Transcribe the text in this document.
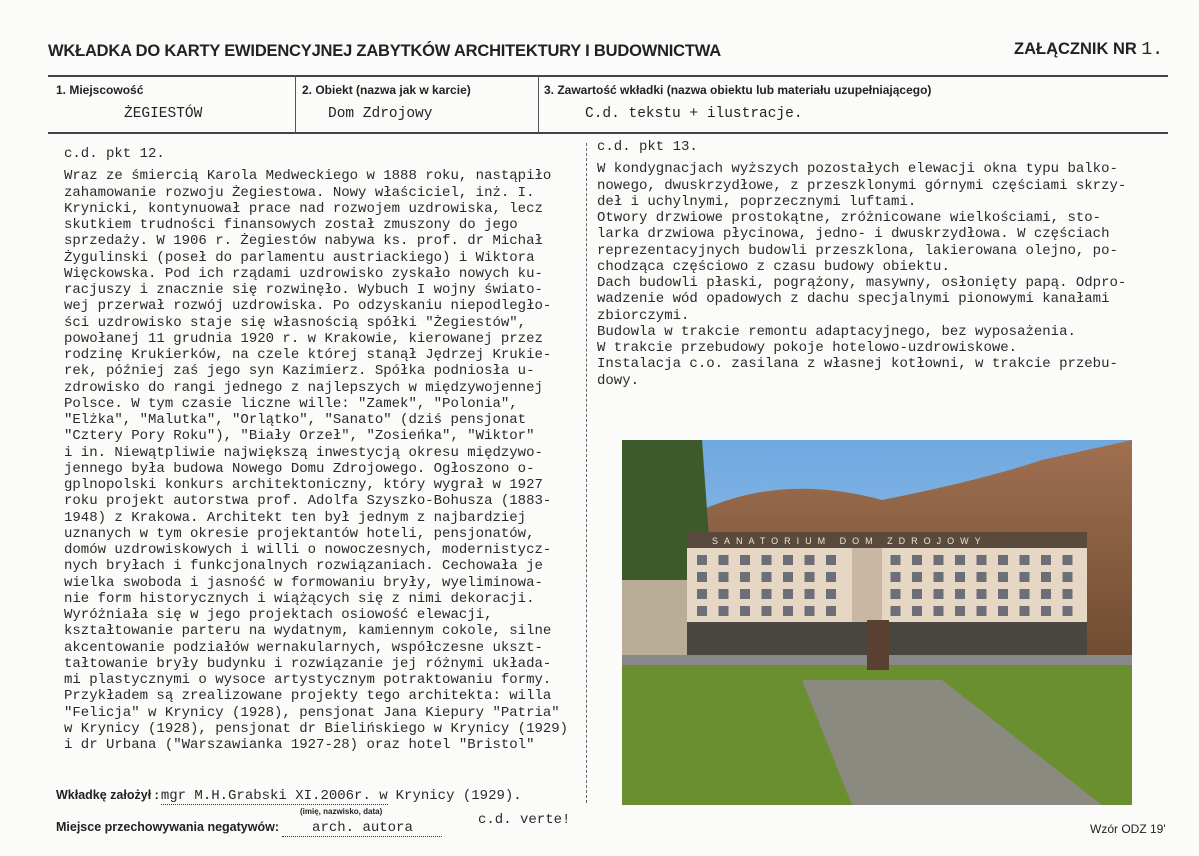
WKŁADKA DO KARTY EWIDENCYJNEJ ZABYTKÓW ARCHITEKTURY I BUDOWNICTWA	ZAŁĄCZNIK NR 1.
1. Miejscowość
ŻEGIESTÓW
2. Obiekt (nazwa jak w karcie)
Dom Zdrojowy
3. Zawartość wkładki (nazwa obiektu lub materiału uzupełniającego)
C.d. tekstu + ilustracje.
c.d. pkt 12.
Wraz ze śmiercią Karola Medweckiego w 1888 roku, nastąpiło
zahamowanie rozwoju Żegiestowa. Nowy właściciel, inż. I.
Krynicki, kontynuował prace nad rozwojem uzdrowiska, lecz
skutkiem trudności finansowych został zmuszony do jego
sprzedaży. W 1906 r. Żegiestów nabywa ks. prof. dr Michał
Żygulinski (poseł do parlamentu austriackiego) i Wiktora
Więckowska. Pod ich rządami uzdrowisko zyskało nowych ku-
racjuszy i znacznie się rozwinęło. Wybuch I wojny świato-
wej przerwał rozwój uzdrowiska. Po odzyskaniu niepodległo-
ści uzdrowisko staje się własnością spółki "Żegiestów",
powołanej 11 grudnia 1920 r. w Krakowie, kierowanej przez
rodzinę Krukierków, na czele której stanął Jędrzej Krukie-
rek, później zaś jego syn Kazimierz. Spółka podniosła u-
zdrowisko do rangi jednego z najlepszych w międzywojennej
Polsce. W tym czasie liczne wille: "Zamek", "Polonia",
"Elżka", "Malutka", "Orlątko", "Sanato" (dziś pensjonat
"Cztery Pory Roku"), "Biały Orzeł", "Zosieńka", "Wiktor"
i in. Niewątpliwie największą inwestycją okresu międzywo-
jennego była budowa Nowego Domu Zdrojowego. Ogłoszono o-
gplnopolski konkurs architektoniczny, który wygrał w 1927
roku projekt autorstwa prof. Adolfa Szyszko-Bohusza (1883-
1948) z Krakowa. Architekt ten był jednym z najbardziej
uznanych w tym okresie projektantów hoteli, pensjonatów,
domów uzdrowiskowych i willi o nowoczesnych, modernistycz-
nych bryłach i funkcjonalnych rozwiązaniach. Cechowała je
wielka swoboda i jasność w formowaniu bryły, wyeliminowa-
nie form historycznych i wiążących się z nimi dekoracji.
Wyróżniała się w jego projektach osiowość elewacji,
kształtowanie parteru na wydatnym, kamiennym cokole, silne
akcentowanie podziałów wernakularnych, współczesne ukszt-
tałtowanie bryły budynku i rozwiązanie jej różnymi układa-
mi plastycznymi o wysoce artystycznym potraktowaniu formy.
Przykładem są zrealizowane projekty tego architekta: willa
"Felicja" w Krynicy (1928), pensjonat Jana Kiepury "Patria"
w Krynicy (1928), pensjonat dr Bielińskiego w Krynicy (1929)
i dr Urbana ("Warszawianka 1927-28) oraz hotel "Bristol"
c.d. pkt 13.
W kondygnacjach wyższych pozostałych elewacji okna typu balko-
nowego, dwuskrzydłowe, z przeszklonymi górnymi częściami skrzy-
deł i uchylnymi, poprzecznymi luftami.
Otwory drzwiowe prostokątne, zróżnicowane wielkościami, sto-
larka drzwiowa płycinowa, jedno- i dwuskrzydłowa. W częściach
reprezentacyjnych budowli przeszklona, lakierowana olejno, po-
chodząca częściowo z czasu budowy obiektu.
Dach budowli płaski, pogrążony, masywny, osłonięty papą. Odpro-
wadzenie wód opadowych z dachu specjalnymi pionowymi kanałami
zbiorczymi.
Budowla w trakcie remontu adaptacyjnego, bez wyposażenia.
W trakcie przebudowy pokoje hotelowo-uzdrowiskowe.
Instalacja c.o. zasilana z własnej kotłowni, w trakcie przebu-
dowy.
SANATORIUM DOM ZDROJOWY
Wkładkę założył : mgr M.H.Grabski XI.2006r. w Krynicy (1929).
(imię, nazwisko, data)
Miejsce przechowywania negatywów: arch. autora	c.d. verte!
Wzór ODZ 19'
